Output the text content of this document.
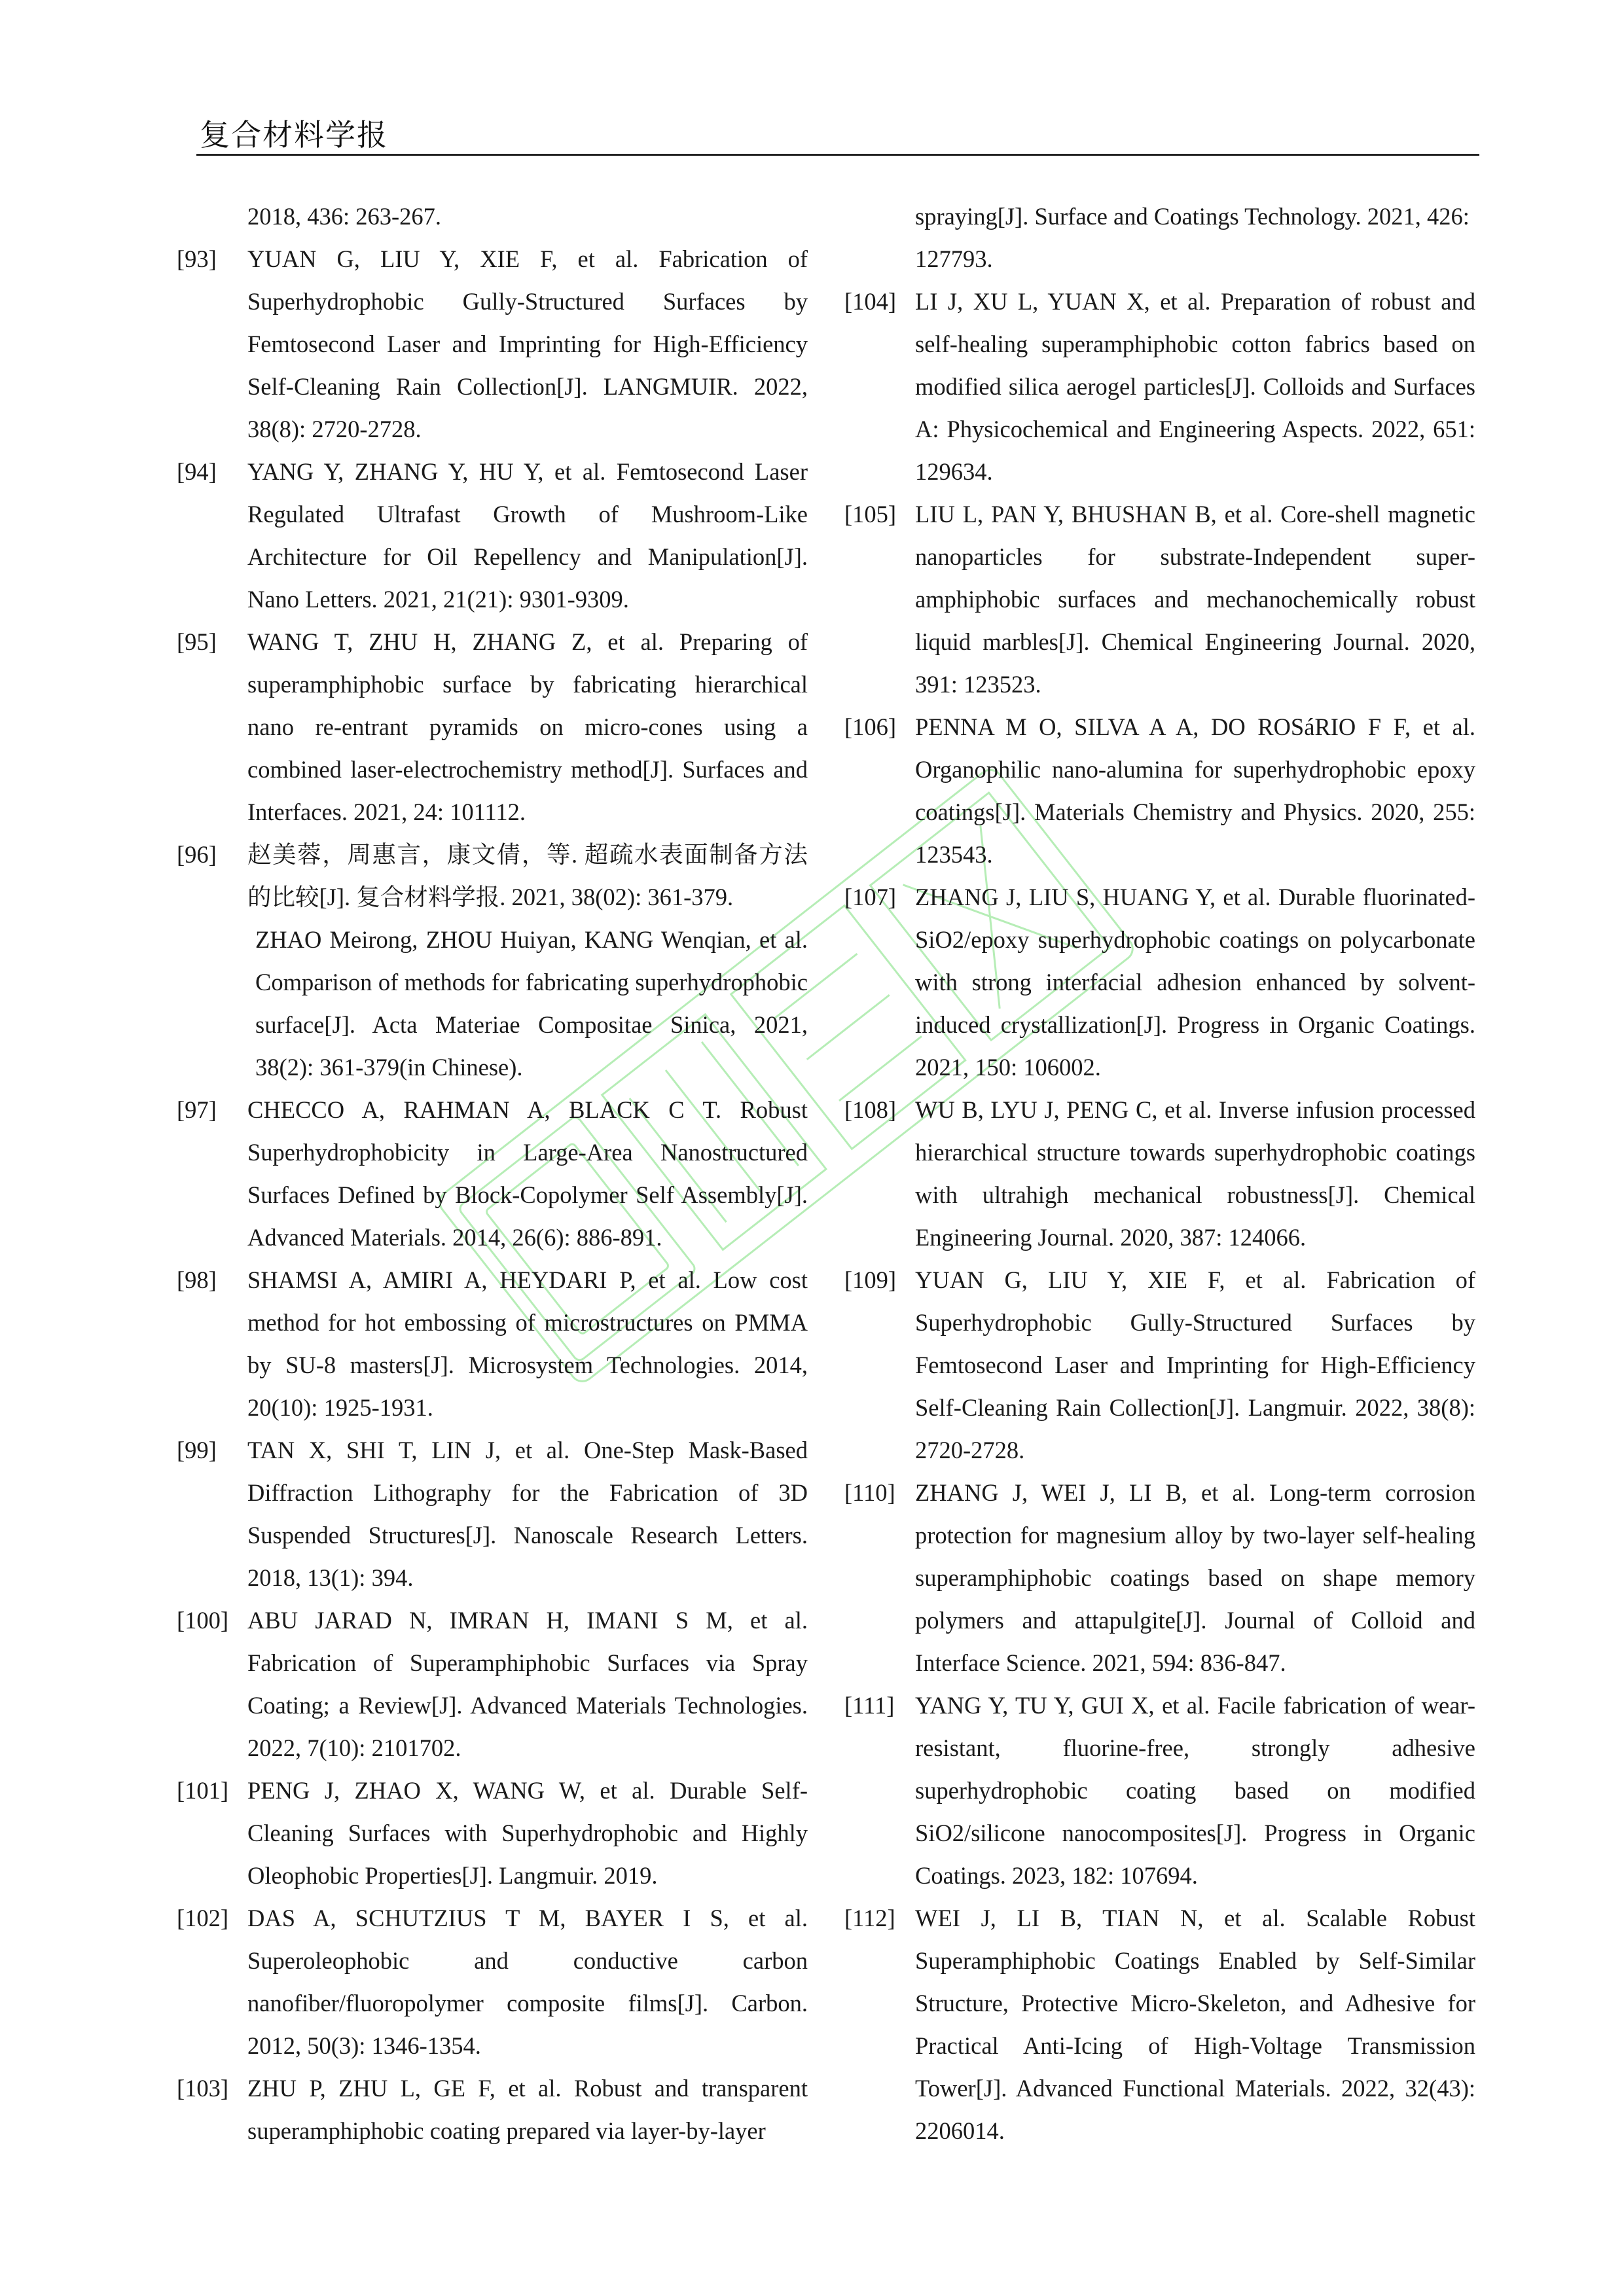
复合材料学报
2018, 436: 263-267.
[93]	YUAN G, LIU Y, XIE F, et al. Fabrication of Superhydrophobic Gully-Structured Surfaces by Femtosecond Laser and Imprinting for High-Efficiency Self-Cleaning Rain Collection[J]. LANGMUIR. 2022, 38(8): 2720-2728.
[94]	YANG Y, ZHANG Y, HU Y, et al. Femtosecond Laser Regulated Ultrafast Growth of Mushroom-Like Architecture for Oil Repellency and Manipulation[J]. Nano Letters. 2021, 21(21): 9301-9309.
[95]	WANG T, ZHU H, ZHANG Z, et al. Preparing of superamphiphobic surface by fabricating hierarchical nano re-entrant pyramids on micro-cones using a combined laser-electrochemistry method[J]. Surfaces and Interfaces. 2021, 24: 101112.
[96]	赵美蓉，周惠言，康文倩，等. 超疏水表面制备方法的比较[J]. 复合材料学报. 2021, 38(02): 361-379.
ZHAO Meirong, ZHOU Huiyan, KANG Wenqian, et al. Comparison of methods for fabricating superhydrophobic surface[J]. Acta Materiae Compositae Sinica, 2021, 38(2): 361-379(in Chinese).
[97]	CHECCO A, RAHMAN A, BLACK C T. Robust Superhydrophobicity in Large-Area Nanostructured Surfaces Defined by Block-Copolymer Self Assembly[J]. Advanced Materials. 2014, 26(6): 886-891.
[98]	SHAMSI A, AMIRI A, HEYDARI P, et al. Low cost method for hot embossing of microstructures on PMMA by SU-8 masters[J]. Microsystem Technologies. 2014, 20(10): 1925-1931.
[99]	TAN X, SHI T, LIN J, et al. One-Step Mask-Based Diffraction Lithography for the Fabrication of 3D Suspended Structures[J]. Nanoscale Research Letters. 2018, 13(1): 394.
[100] ABU JARAD N, IMRAN H, IMANI S M, et al. Fabrication of Superamphiphobic Surfaces via Spray Coating; a Review[J]. Advanced Materials Technologies. 2022, 7(10): 2101702.
[101] PENG J, ZHAO X, WANG W, et al. Durable Self-Cleaning Surfaces with Superhydrophobic and Highly Oleophobic Properties[J]. Langmuir. 2019.
[102] DAS A, SCHUTZIUS T M, BAYER I S, et al. Superoleophobic and conductive carbon nanofiber/fluoropolymer composite films[J]. Carbon. 2012, 50(3): 1346-1354.
[103] ZHU P, ZHU L, GE F, et al. Robust and transparent superamphiphobic coating prepared via layer-by-layer
spraying[J]. Surface and Coatings Technology. 2021, 426: 127793.
[104] LI J, XU L, YUAN X, et al. Preparation of robust and self-healing superamphiphobic cotton fabrics based on modified silica aerogel particles[J]. Colloids and Surfaces A: Physicochemical and Engineering Aspects. 2022, 651: 129634.
[105] LIU L, PAN Y, BHUSHAN B, et al. Core-shell magnetic nanoparticles for substrate-Independent super-amphiphobic surfaces and mechanochemically robust liquid marbles[J]. Chemical Engineering Journal. 2020, 391: 123523.
[106] PENNA M O, SILVA A A, DO ROSáRIO F F, et al. Organophilic nano-alumina for superhydrophobic epoxy coatings[J]. Materials Chemistry and Physics. 2020, 255: 123543.
[107] ZHANG J, LIU S, HUANG Y, et al. Durable fluorinated-SiO2/epoxy superhydrophobic coatings on polycarbonate with strong interfacial adhesion enhanced by solvent-induced crystallization[J]. Progress in Organic Coatings. 2021, 150: 106002.
[108] WU B, LYU J, PENG C, et al. Inverse infusion processed hierarchical structure towards superhydrophobic coatings with ultrahigh mechanical robustness[J]. Chemical Engineering Journal. 2020, 387: 124066.
[109] YUAN G, LIU Y, XIE F, et al. Fabrication of Superhydrophobic Gully-Structured Surfaces by Femtosecond Laser and Imprinting for High-Efficiency Self-Cleaning Rain Collection[J]. Langmuir. 2022, 38(8): 2720-2728.
[110] ZHANG J, WEI J, LI B, et al. Long-term corrosion protection for magnesium alloy by two-layer self-healing superamphiphobic coatings based on shape memory polymers and attapulgite[J]. Journal of Colloid and Interface Science. 2021, 594: 836-847.
[111] YANG Y, TU Y, GUI X, et al. Facile fabrication of wear-resistant, fluorine-free, strongly adhesive superhydrophobic coating based on modified SiO2/silicone nanocomposites[J]. Progress in Organic Coatings. 2023, 182: 107694.
[112] WEI J, LI B, TIAN N, et al. Scalable Robust Superamphiphobic Coatings Enabled by Self-Similar Structure, Protective Micro-Skeleton, and Adhesive for Practical Anti-Icing of High-Voltage Transmission Tower[J]. Advanced Functional Materials. 2022, 32(43): 2206014.
